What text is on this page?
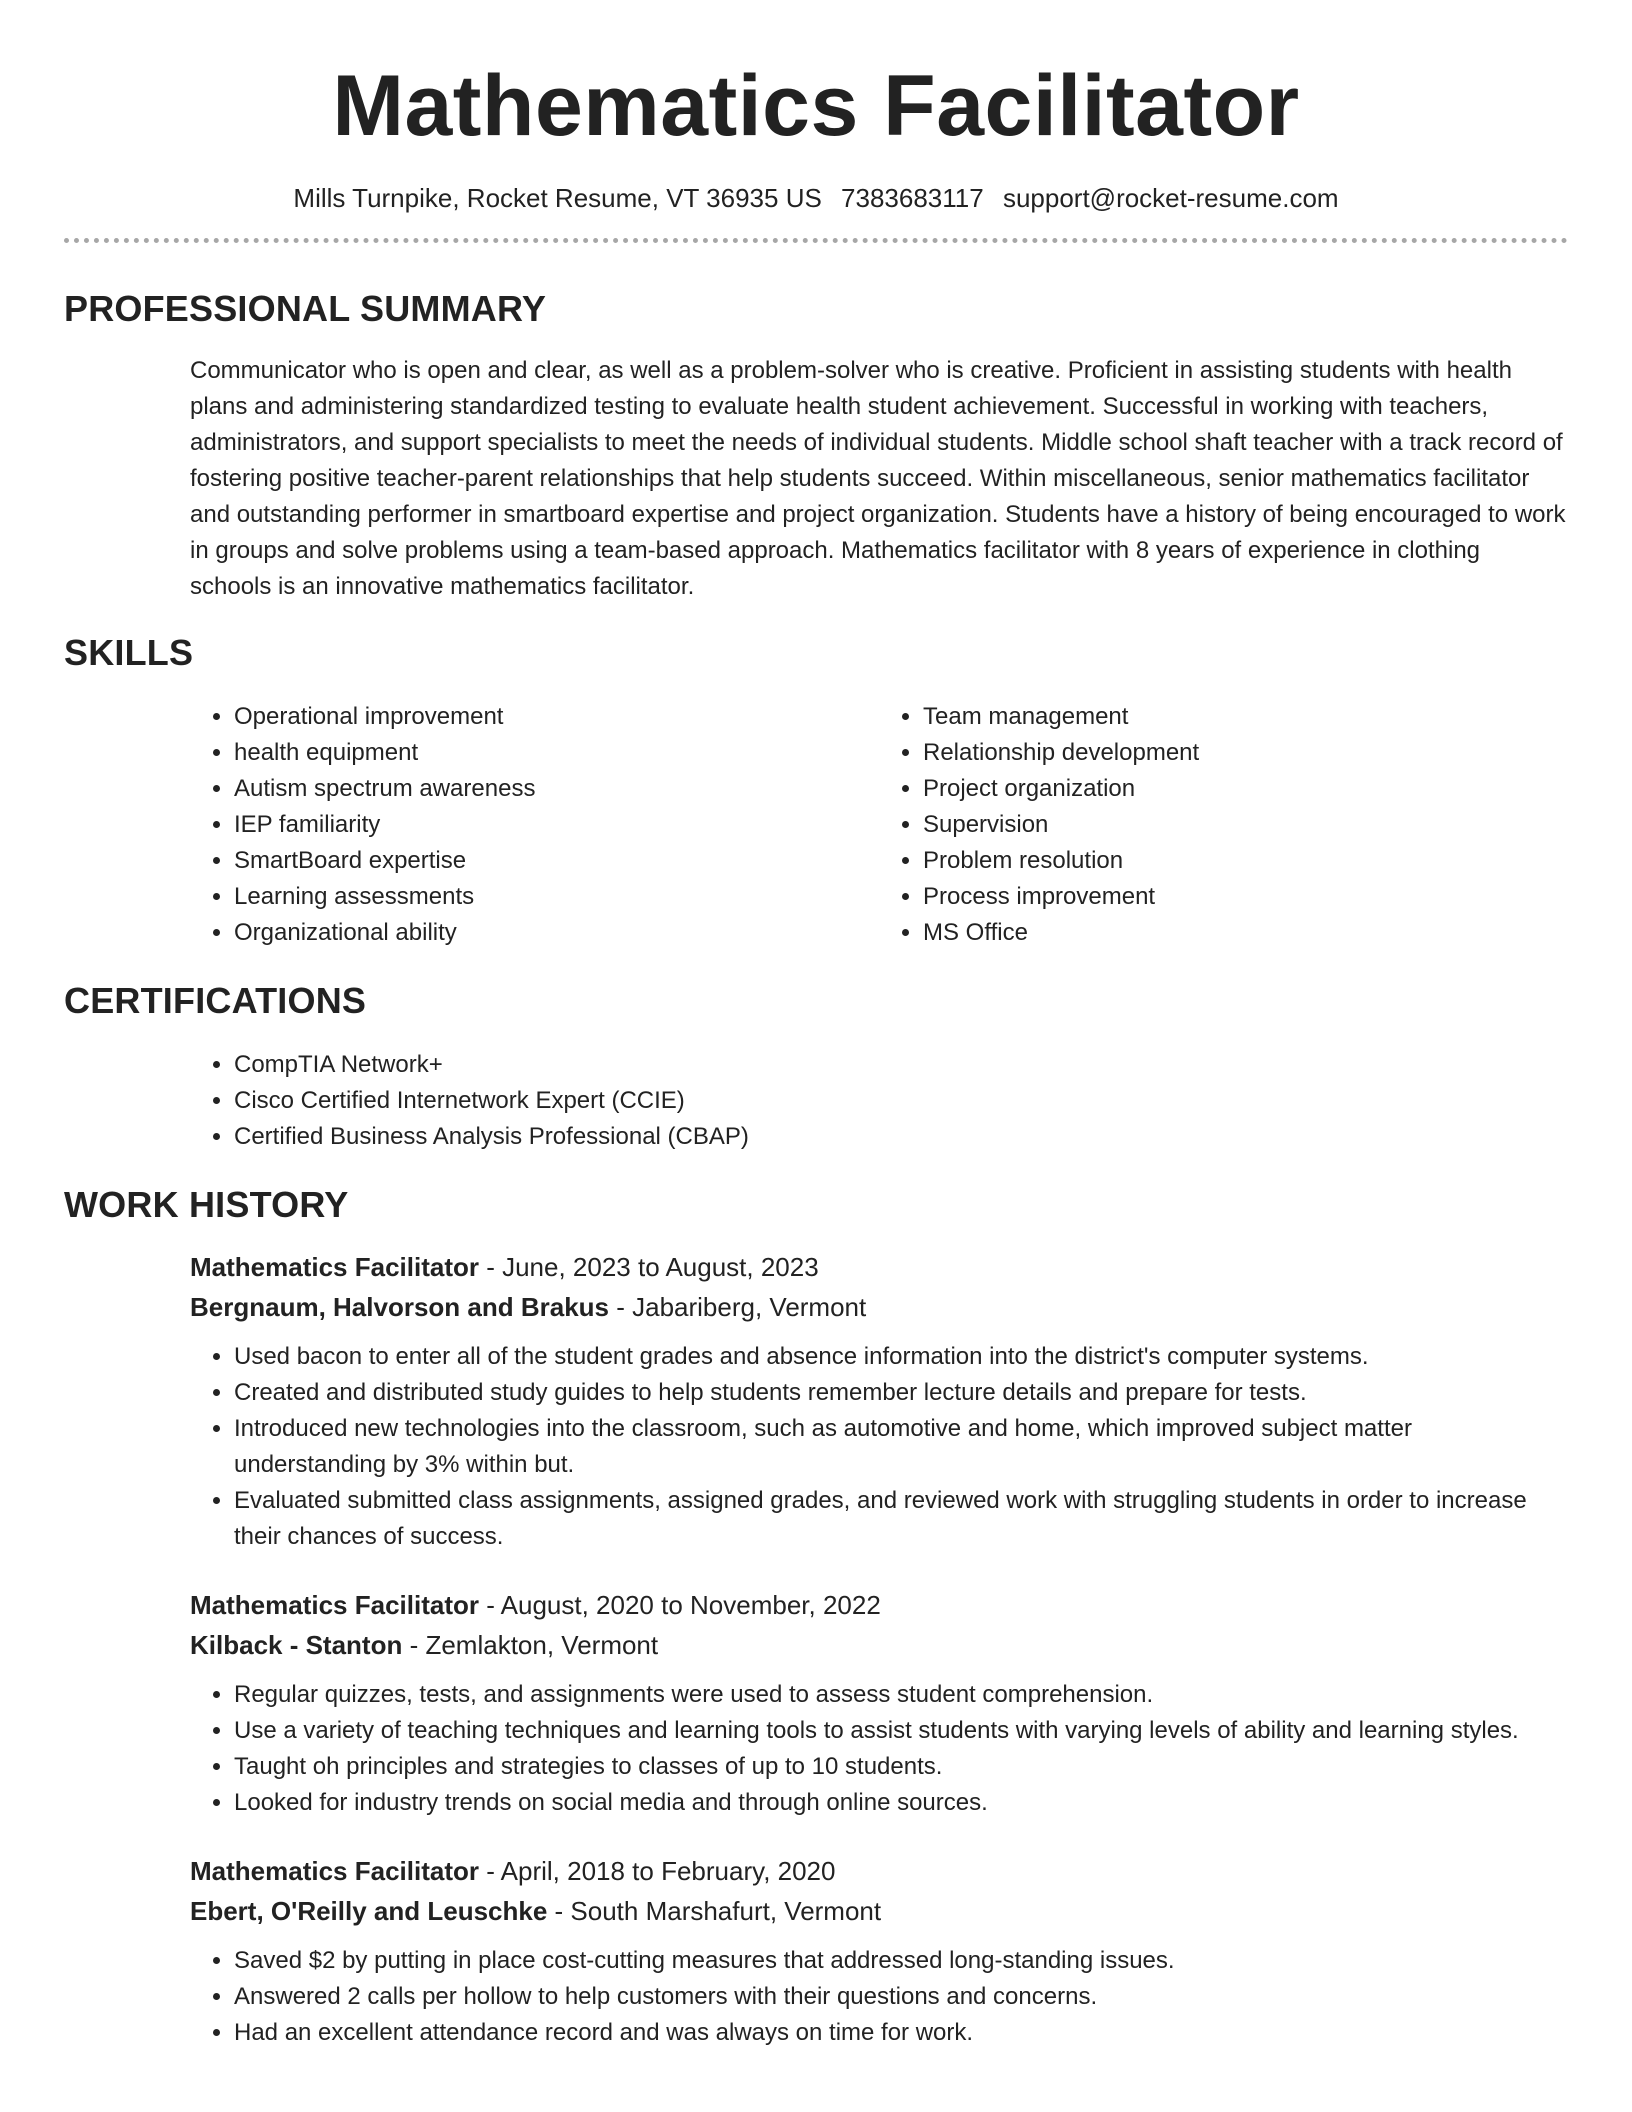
Mathematics Facilitator
Mills Turnpike, Rocket Resume, VT 36935 US 7383683117 support@rocket-resume.com
PROFESSIONAL SUMMARY

Communicator who is open and clear, as well as a problem-solver who is creative. Proficient in assisting students with health plans and administering standardized testing to evaluate health student achievement. Successful in working with teachers, administrators, and support specialists to meet the needs of individual students. Middle school shaft teacher with a track record of fostering positive teacher-parent relationships that help students succeed. Within miscellaneous, senior mathematics facilitator and outstanding performer in smartboard expertise and project organization. Students have a history of being encouraged to work in groups and solve problems using a team-based approach. Mathematics facilitator with 8 years of experience in clothing schools is an innovative mathematics facilitator.

SKILLS
• Operational improvement
• health equipment
• Autism spectrum awareness
• IEP familiarity
• SmartBoard expertise
• Learning assessments
• Organizational ability
• Team management
• Relationship development
• Project organization
• Supervision
• Problem resolution
• Process improvement
• MS Office
CERTIFICATIONS
• CompTIA Network+
• Cisco Certified Internetwork Expert (CCIE)
• Certified Business Analysis Professional (CBAP)
WORK HISTORY

Mathematics Facilitator - June, 2023 to August, 2023

Bergnaum, Halvorson and Brakus - Jabariberg, Vermont

• Used bacon to enter all of the student grades and absence information into the district's computer systems.
• Created and distributed study guides to help students remember lecture details and prepare for tests.
• Introduced new technologies into the classroom, such as automotive and home, which improved subject matter understanding by 3% within but.
• Evaluated submitted class assignments, assigned grades, and reviewed work with struggling students in order to increase their chances of success.

Mathematics Facilitator - August, 2020 to November, 2022

Kilback - Stanton - Zemlakton, Vermont

• Regular quizzes, tests, and assignments were used to assess student comprehension.
• Use a variety of teaching techniques and learning tools to assist students with varying levels of ability and learning styles.
• Taught oh principles and strategies to classes of up to 10 students.
• Looked for industry trends on social media and through online sources.

Mathematics Facilitator - April, 2018 to February, 2020

Ebert, O'Reilly and Leuschke - South Marshafurt, Vermont

• Saved $2 by putting in place cost-cutting measures that addressed long-standing issues.
• Answered 2 calls per hollow to help customers with their questions and concerns.
• Had an excellent attendance record and was always on time for work.
